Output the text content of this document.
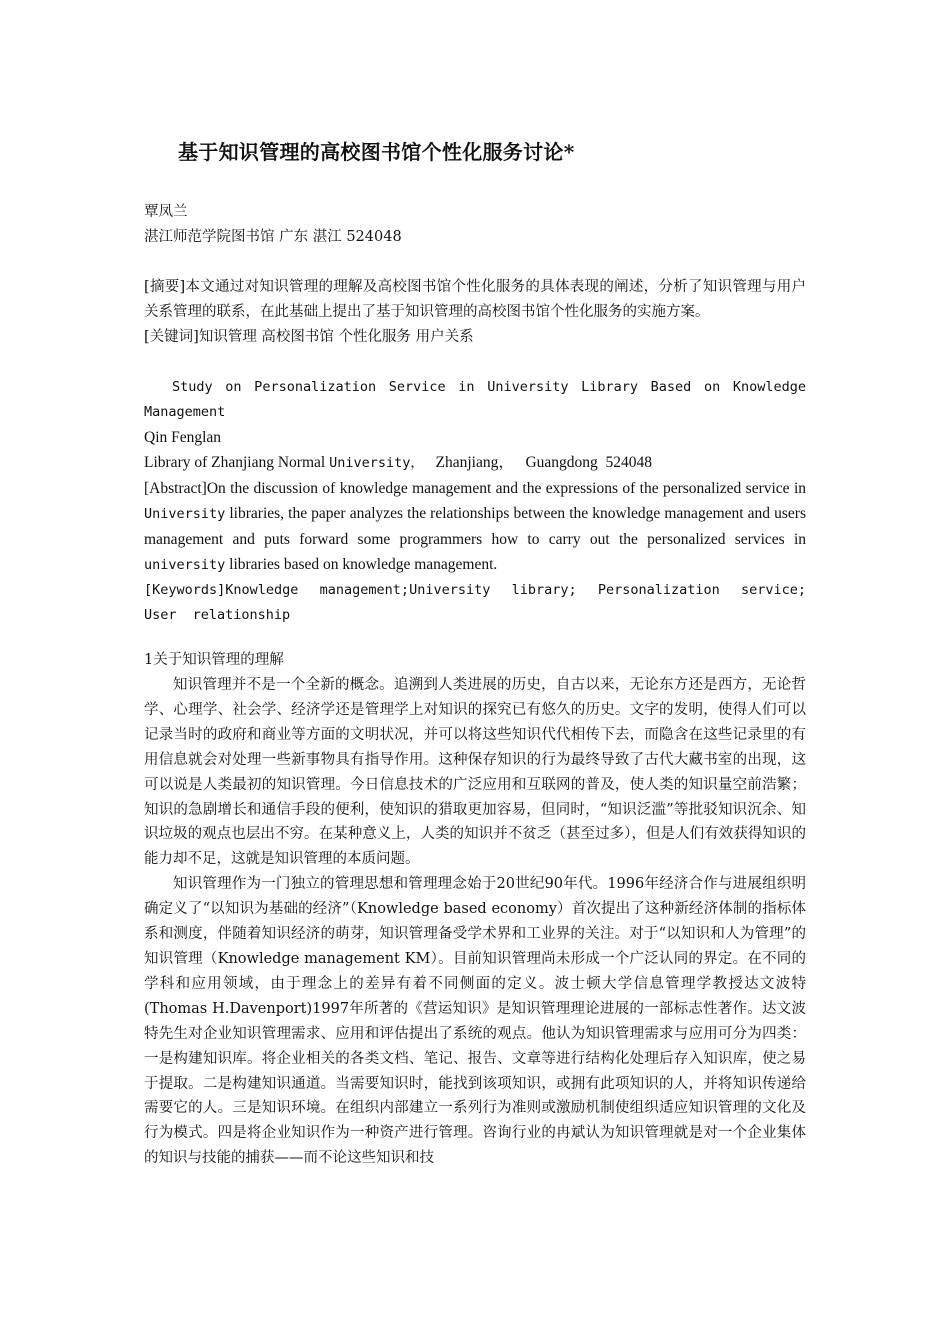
基于知识管理的高校图书馆个性化服务讨论*
覃凤兰
湛江师范学院图书馆 广东 湛江 524048

[摘要]本文通过对知识管理的理解及高校图书馆个性化服务的具体表现的阐述，分析了知识管理与用户关系管理的联系，在此基础上提出了基于知识管理的高校图书馆个性化服务的实施方案。

[关键词]知识管理 高校图书馆 个性化服务 用户关系

Study on Personalization Service in University Library Based on Knowledge Management

Qin Fenglan
Library of Zhanjiang Normal University，   Zhanjiang，   Guangdong  524048

[Abstract]On the discussion of knowledge management and the expressions of the personalized service in University libraries, the paper analyzes the relationships between the knowledge management and users management and puts forward some programmers how to carry out the personalized services in university libraries based on knowledge management.

[Keywords]Knowledge management;University library; Personalization service; User relationship

1关于知识管理的理解

知识管理并不是一个全新的概念。追溯到人类进展的历史，自古以来，无论东方还是西方，无论哲学、心理学、社会学、经济学还是管理学上对知识的探究已有悠久的历史。文字的发明，使得人们可以记录当时的政府和商业等方面的文明状况，并可以将这些知识代代相传下去，而隐含在这些记录里的有用信息就会对处理一些新事物具有指导作用。这种保存知识的行为最终导致了古代大藏书室的出现，这可以说是人类最初的知识管理。今日信息技术的广泛应用和互联网的普及，使人类的知识量空前浩繁；知识的急剧增长和通信手段的便利，使知识的猎取更加容易，但同时，“知识泛滥”等批驳知识沉余、知识垃圾的观点也层出不穷。在某种意义上，人类的知识并不贫乏（甚至过多），但是人们有效获得知识的能力却不足，这就是知识管理的本质问题。

知识管理作为一门独立的管理思想和管理理念始于20世纪90年代。1996年经济合作与进展组织明确定义了“以知识为基础的经济”（Knowledge based economy）首次提出了这种新经济体制的指标体系和测度，伴随着知识经济的萌芽，知识管理备受学术界和工业界的关注。对于“以知识和人为管理”的知识管理（Knowledge management KM）。目前知识管理尚未形成一个广泛认同的界定。在不同的学科和应用领域，由于理念上的差异有着不同侧面的定义。波士顿大学信息管理学教授达文波特(Thomas H.Davenport)1997年所著的《营运知识》是知识管理理论进展的一部标志性著作。达文波特先生对企业知识管理需求、应用和评估提出了系统的观点。他认为知识管理需求与应用可分为四类：一是构建知识库。将企业相关的各类文档、笔记、报告、文章等进行结构化处理后存入知识库，使之易于提取。二是构建知识通道。当需要知识时，能找到该项知识，或拥有此项知识的人，并将知识传递给需要它的人。三是知识环境。在组织内部建立一系列行为准则或激励机制使组织适应知识管理的文化及行为模式。四是将企业知识作为一种资产进行管理。咨询行业的冉斌认为知识管理就是对一个企业集体的知识与技能的捕获——而不论这些知识和技
